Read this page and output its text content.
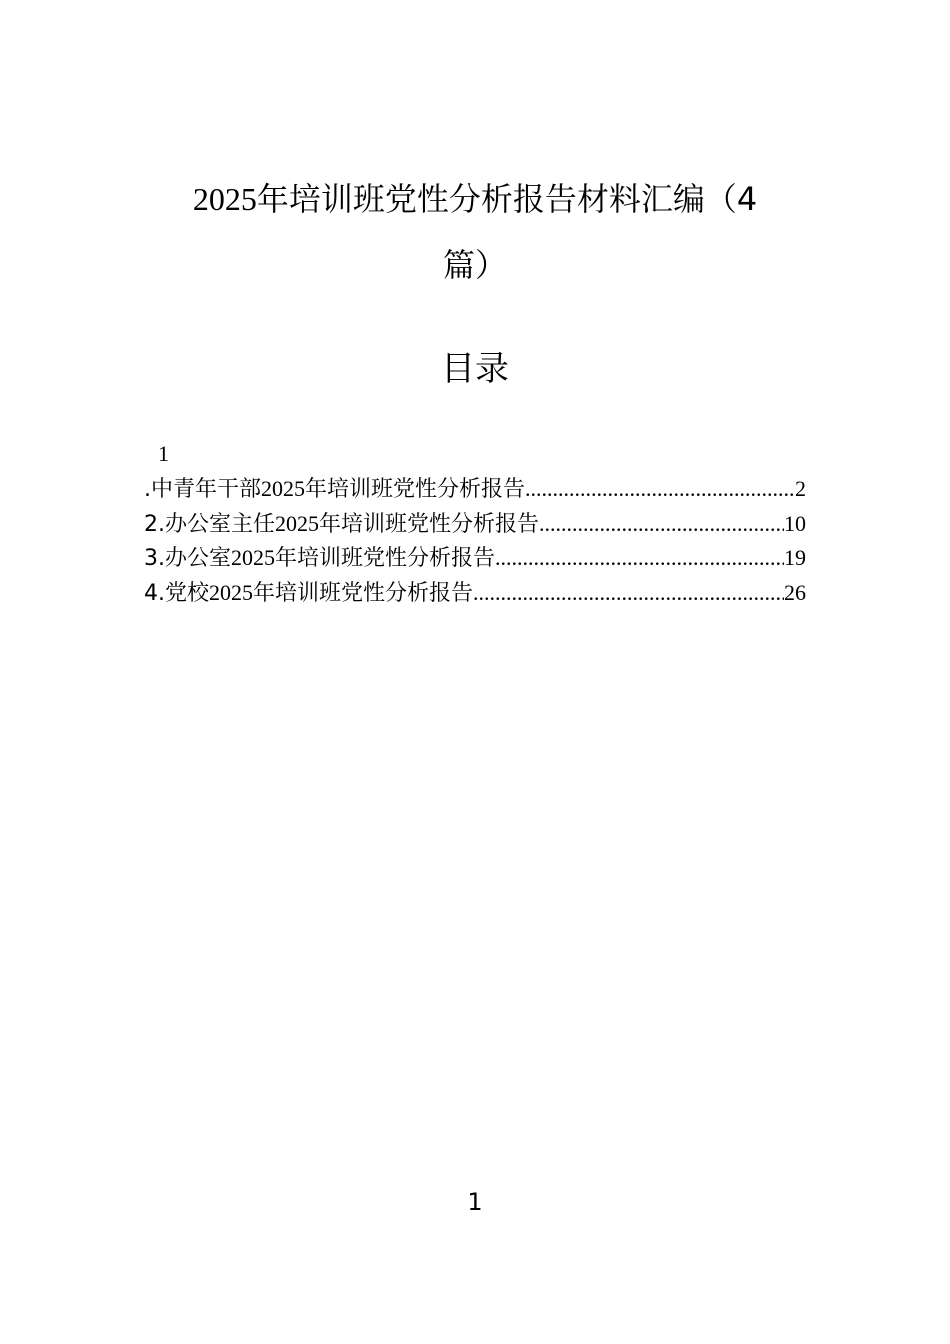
2025年培训班党性分析报告材料汇编（4
篇）
目录
1
.中青年干部2025年培训班党性分析报告 .....	2
2.办公室主任2025年培训班党性分析报告 .....	10
3.办公室2025年培训班党性分析报告 .....	19
4.党校2025年培训班党性分析报告 .....	26
1
